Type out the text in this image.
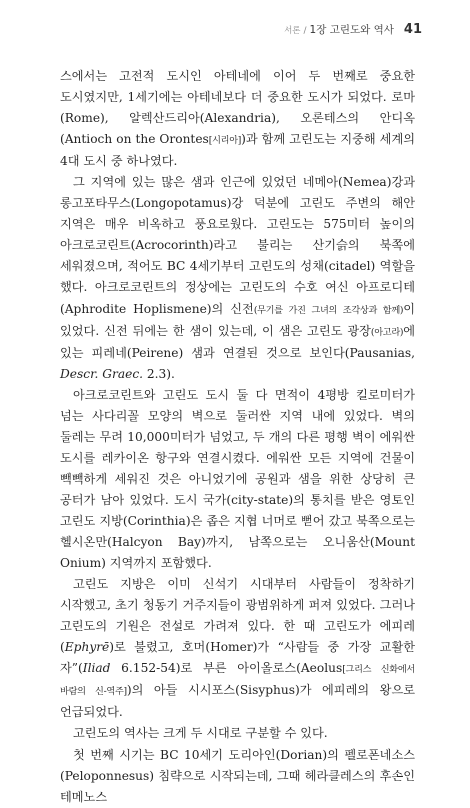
서론 / 1장 고린도와 역사 41

스에서는 고전적 도시인 아테네에 이어 두 번째로 중요한 도시였지만, 1세기에는 아테네보다 더 중요한 도시가 되었다. 로마(Rome), 알렉산드리아(Alexandria), 오론테스의 안디옥(Antioch on the Orontes[시리아])과 함께 고린도는 지중해 세계의 4대 도시 중 하나였다.

그 지역에 있는 많은 샘과 인근에 있었던 네메아(Nemea)강과 롱고포타무스(Longopotamus)강 덕분에 고린도 주변의 해안 지역은 매우 비옥하고 풍요로웠다. 고린도는 575미터 높이의 아크로코린트(Acrocorinth)라고 불리는 산기슭의 북쪽에 세워졌으며, 적어도 BC 4세기부터 고린도의 성채(citadel) 역할을 했다. 아크로코린트의 정상에는 고린도의 수호 여신 아프로디테(Aphrodite Hoplismene)의 신전(무기를 가진 그녀의 조각상과 함께)이 있었다. 신전 뒤에는 한 샘이 있는데, 이 샘은 고린도 광장(아고라)에 있는 피레네(Peirene) 샘과 연결된 것으로 보인다(Pausanias, Descr. Graec. 2.3).

아크로코린트와 고린도 도시 둘 다 면적이 4평방 킬로미터가 넘는 사다리꼴 모양의 벽으로 둘러싼 지역 내에 있었다. 벽의 둘레는 무려 10,000미터가 넘었고, 두 개의 다른 평행 벽이 에워싼 도시를 레카이온 항구와 연결시켰다. 에워싼 모든 지역에 건물이 빽빽하게 세워진 것은 아니었기에 공원과 샘을 위한 상당히 큰 공터가 남아 있었다. 도시 국가(city-state)의 통치를 받은 영토인 고린도 지방(Corinthia)은 좁은 지협 너머로 뻗어 갔고 북쪽으로는 헬시온만(Halcyon Bay)까지, 남쪽으로는 오니움산(Mount Onium) 지역까지 포함했다.

고린도 지방은 이미 신석기 시대부터 사람들이 정착하기 시작했고, 초기 청동기 거주지들이 광범위하게 퍼져 있었다. 그러나 고린도의 기원은 전설로 가려져 있다. 한 때 고린도가 에피레(Ephyrē)로 불렸고, 호머(Homer)가 “사람들 중 가장 교활한 자”(Iliad 6.152-54)로 부른 아이올로스(Aeolus[그리스 신화에서 바람의 신-역주])의 아들 시시포스(Sisyphus)가 에피레의 왕으로 언급되었다.

고린도의 역사는 크게 두 시대로 구분할 수 있다.

첫 번째 시기는 BC 10세기 도리아인(Dorian)의 펠로폰네소스(Peloponnesus) 침략으로 시작되는데, 그때 헤라클레스의 후손인 테메노스
